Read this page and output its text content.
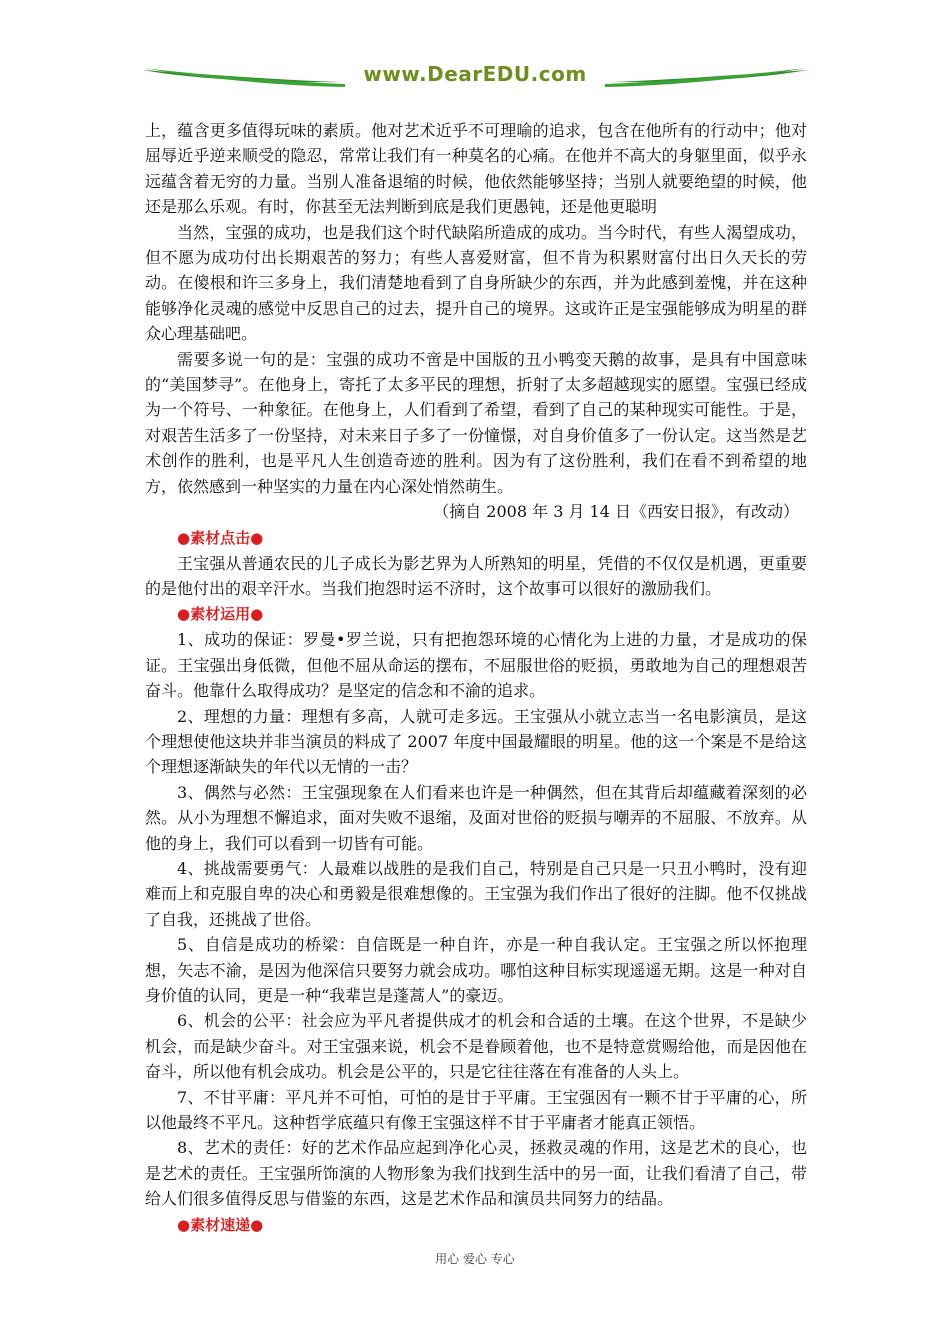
www.DearEDU.com

上，蕴含更多值得玩味的素质。他对艺术近乎不可理喻的追求，包含在他所有的行动中；他对屈辱近乎逆来顺受的隐忍，常常让我们有一种莫名的心痛。在他并不高大的身躯里面，似乎永远蕴含着无穷的力量。当别人准备退缩的时候，他依然能够坚持；当别人就要绝望的时候，他还是那么乐观。有时，你甚至无法判断到底是我们更愚钝，还是他更聪明

当然，宝强的成功，也是我们这个时代缺陷所造成的成功。当今时代，有些人渴望成功，但不愿为成功付出长期艰苦的努力；有些人喜爱财富，但不肯为积累财富付出日久天长的劳动。在傻根和许三多身上，我们清楚地看到了自身所缺少的东西，并为此感到羞愧，并在这种能够净化灵魂的感觉中反思自己的过去，提升自己的境界。这或许正是宝强能够成为明星的群众心理基础吧。

需要多说一句的是：宝强的成功不啻是中国版的丑小鸭变天鹅的故事，是具有中国意味的“美国梦寻”。在他身上，寄托了太多平民的理想，折射了太多超越现实的愿望。宝强已经成为一个符号、一种象征。在他身上，人们看到了希望，看到了自己的某种现实可能性。于是，对艰苦生活多了一份坚持，对未来日子多了一份憧憬，对自身价值多了一份认定。这当然是艺术创作的胜利，也是平凡人生创造奇迹的胜利。因为有了这份胜利，我们在看不到希望的地方，依然感到一种坚实的力量在内心深处悄然萌生。

（摘自 2008 年 3 月 14 日《西安日报》，有改动）

●素材点击●

王宝强从普通农民的儿子成长为影艺界为人所熟知的明星，凭借的不仅仅是机遇，更重要的是他付出的艰辛汗水。当我们抱怨时运不济时，这个故事可以很好的激励我们。

●素材运用●

1、成功的保证：罗曼•罗兰说，只有把抱怨环境的心情化为上进的力量，才是成功的保证。王宝强出身低微，但他不屈从命运的摆布，不屈服世俗的贬损，勇敢地为自己的理想艰苦奋斗。他靠什么取得成功？是坚定的信念和不渝的追求。

2、理想的力量：理想有多高，人就可走多远。王宝强从小就立志当一名电影演员，是这个理想使他这块并非当演员的料成了 2007 年度中国最耀眼的明星。他的这一个案是不是给这个理想逐渐缺失的年代以无情的一击？

3、偶然与必然：王宝强现象在人们看来也许是一种偶然，但在其背后却蕴藏着深刻的必然。从小为理想不懈追求，面对失败不退缩，及面对世俗的贬损与嘲弄的不屈服、不放弃。从他的身上，我们可以看到一切皆有可能。

4、挑战需要勇气：人最难以战胜的是我们自己，特别是自己只是一只丑小鸭时，没有迎难而上和克服自卑的决心和勇毅是很难想像的。王宝强为我们作出了很好的注脚。他不仅挑战了自我，还挑战了世俗。

5、自信是成功的桥梁：自信既是一种自许，亦是一种自我认定。王宝强之所以怀抱理想，矢志不渝，是因为他深信只要努力就会成功。哪怕这种目标实现遥遥无期。这是一种对自身价值的认同，更是一种“我辈岂是蓬蒿人”的豪迈。

6、机会的公平：社会应为平凡者提供成才的机会和合适的土壤。在这个世界，不是缺少机会，而是缺少奋斗。对王宝强来说，机会不是眷顾着他，也不是特意赏赐给他，而是因他在奋斗，所以他有机会成功。机会是公平的，只是它往往落在有准备的人头上。

7、不甘平庸：平凡并不可怕，可怕的是甘于平庸。王宝强因有一颗不甘于平庸的心，所以他最终不平凡。这种哲学底蕴只有像王宝强这样不甘于平庸者才能真正领悟。

8、艺术的责任：好的艺术作品应起到净化心灵，拯救灵魂的作用，这是艺术的良心，也是艺术的责任。王宝强所饰演的人物形象为我们找到生活中的另一面，让我们看清了自己，带给人们很多值得反思与借鉴的东西，这是艺术作品和演员共同努力的结晶。

●素材速递●

用心 爱心 专心
